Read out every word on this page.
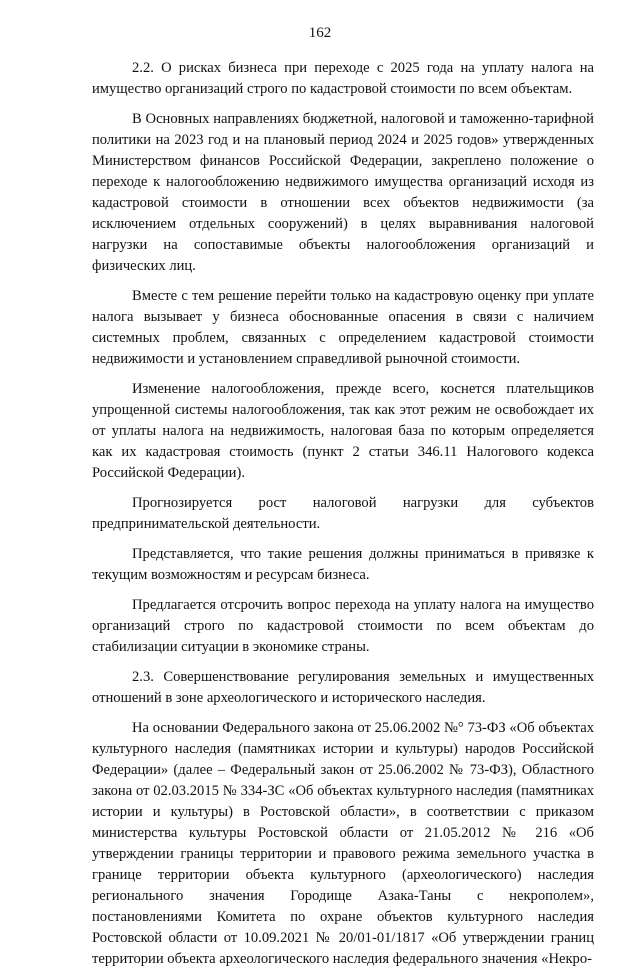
162

2.2. О рисках бизнеса при переходе с 2025 года на уплату налога на имущество организаций строго по кадастровой стоимости по всем объектам.

В Основных направлениях бюджетной, налоговой и таможенно-тарифной политики на 2023 год и на плановый период 2024 и 2025 годов» утвержденных Министерством финансов Российской Федерации, закреплено положение о переходе к налогообложению недвижимого имущества организаций исходя из кадастровой стоимости в отношении всех объектов недвижимости (за исключением отдельных сооружений) в целях выравнивания налоговой нагрузки на сопоставимые объекты налогообложения организаций и физических лиц.

Вместе с тем решение перейти только на кадастровую оценку при уплате налога вызывает у бизнеса обоснованные опасения в связи с наличием системных проблем, связанных с определением кадастровой стоимости недвижимости и установлением справедливой рыночной стоимости.

Изменение налогообложения, прежде всего, коснется плательщиков упрощенной системы налогообложения, так как этот режим не освобождает их от уплаты налога на недвижимость, налоговая база по которым определяется как их кадастровая стоимость (пункт 2 статьи 346.11 Налогового кодекса Российской Федерации).

Прогнозируется рост налоговой нагрузки для субъектов предпринимательской деятельности.

Представляется, что такие решения должны приниматься в привязке к текущим возможностям и ресурсам бизнеса.

Предлагается отсрочить вопрос перехода на уплату налога на имущество организаций строго по кадастровой стоимости по всем объектам до стабилизации ситуации в экономике страны.

2.3. Совершенствование регулирования земельных и имущественных отношений в зоне археологического и исторического наследия.

На основании Федерального закона от 25.06.2002 №° 73-ФЗ «Об объектах культурного наследия (памятниках истории и культуры) народов Российской Федерации» (далее – Федеральный закон от 25.06.2002 № 73-ФЗ), Областного закона от 02.03.2015 № 334-ЗС «Об объектах культурного наследия (памятниках истории и культуры) в Ростовской области», в соответствии с приказом министерства культуры Ростовской области от 21.05.2012 № 216 «Об утверждении границы территории и правового режима земельного участка в границе территории объекта культурного (археологического) наследия регионального значения Городище Азака-Таны с некрополем», постановлениями Комитета по охране объектов культурного наследия Ростовской области от 10.09.2021 № 20/01-01/1817 «Об утверждении границ территории объекта археологического наследия федерального значения «Некро-
